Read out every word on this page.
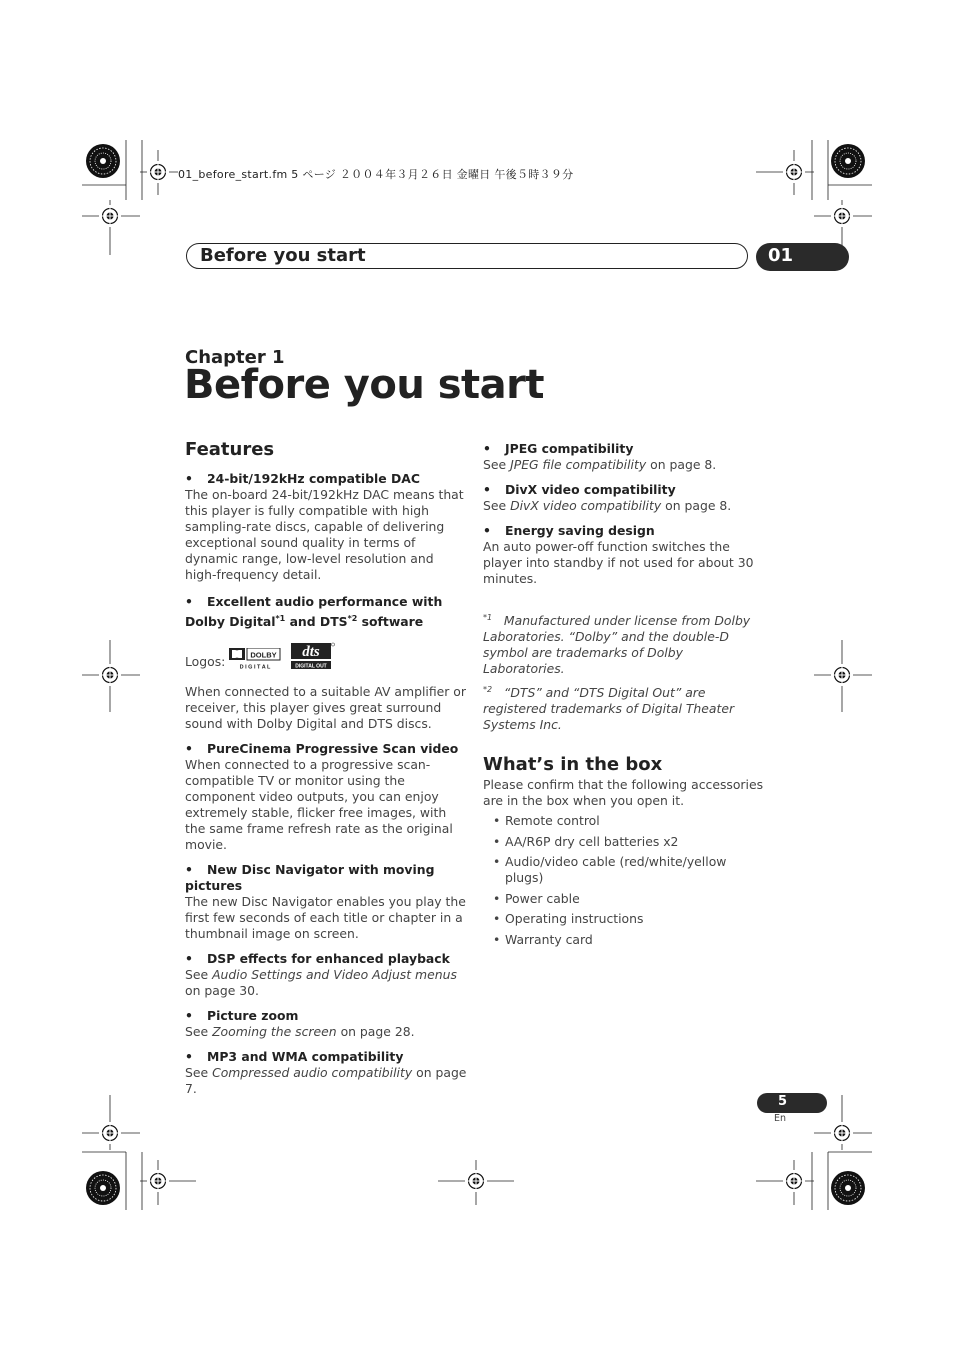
01_before_start.fm 5 ページ ２００４年３月２６日 金曜日 午後５時３９分
Before you start	01
Chapter 1
Before you start
Features
• 24-bit/192kHz compatible DAC

The on-board 24-bit/192kHz DAC means that this player is fully compatible with high sampling-rate discs, capable of delivering exceptional sound quality in terms of dynamic range, low-level resolution and high-frequency detail.

• Excellent audio performance with Dolby Digital$^{*1}$ and DTS$^{*2}$ software
Logos:	DOLBY
D I G I T A L
dts
DIGITAL OUT

When connected to a suitable AV amplifier or receiver, this player gives great surround sound with Dolby Digital and DTS discs.

• PureCinema Progressive Scan video

When connected to a progressive scan-compatible TV or monitor using the component video outputs, you can enjoy extremely stable, flicker free images, with the same frame refresh rate as the original movie.

• New Disc Navigator with moving pictures

The new Disc Navigator enables you play the first few seconds of each title or chapter in a thumbnail image on screen.

• DSP effects for enhanced playback

See Audio Settings and Video Adjust menus on page 30.

• Picture zoom

See Zooming the screen on page 28.

• MP3 and WMA compatibility

See Compressed audio compatibility on page 7.

• JPEG compatibility

See JPEG file compatibility on page 8.

• DivX video compatibility

See DivX video compatibility on page 8.

• Energy saving design

An auto power-off function switches the player into standby if not used for about 30 minutes.

$^{*1}$ Manufactured under license from Dolby Laboratories. “Dolby” and the double-D symbol are trademarks of Dolby Laboratories.

$^{*2}$ “DTS” and “DTS Digital Out” are registered trademarks of Digital Theater Systems Inc.

What’s in the box

Please confirm that the following accessories are in the box when you open it.

• Remote control
• AA/R6P dry cell batteries x2
• Audio/video cable (red/white/yellow plugs)
• Power cable
• Operating instructions
• Warranty card
5
En
